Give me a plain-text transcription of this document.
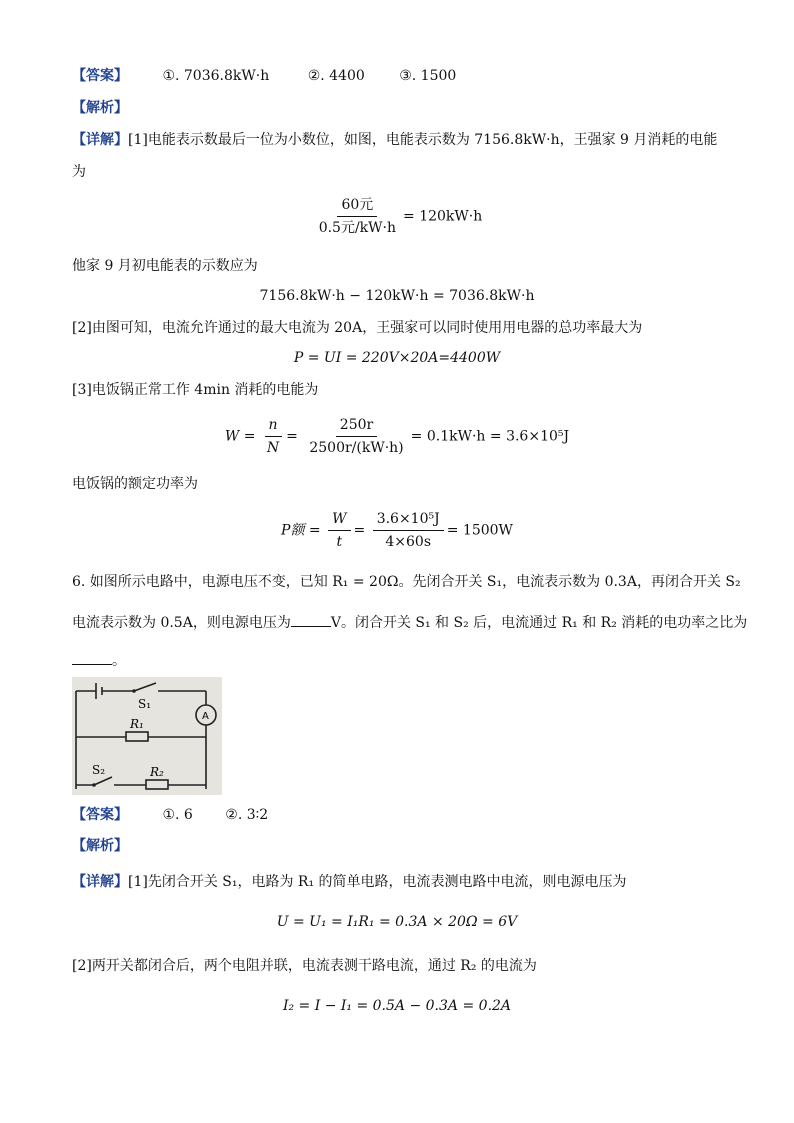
【答案】 ①. 7036.8kW·h	②. 4400 ③. 1500
【解析】
【详解】[1]电能表示数最后一位为小数位，如图，电能表示数为 7156.8kW·h，王强家 9 月消耗的电能
为
$\frac{\text{60元}}{\text{0.5元/kW·h}} = 120kW\cdot h$
他家 9 月初电能表的示数应为
7156.8kW·h − 120kW·h = 7036.8kW·h
[2]由图可知，电流允许通过的最大电流为 20A，王强家可以同时使用用电器的总功率最大为
P = UI = 220V×20A=4400W
[3]电饭锅正常工作 4min 消耗的电能为
$W = \frac{n}{N} = \frac{250r}{2500r/(kW\cdot h)} = 0.1kW\cdot h = 3.6\times 10^5J$
电饭锅的额定功率为
P额 = $\frac{W}{t} = \frac{\text{3.6×10⁵J}}{4\times 60s} = 1500W$
6. 如图所示电路中，电源电压不变，已知 R₁ = 20Ω。先闭合开关 S₁，电流表示数为 0.3A，再闭合开关 S₂
电流表示数为 0.5A，则电源电压为	V。闭合开关 S₁ 和 S₂ 后，电流通过 R₁ 和 R₂ 消耗的电功率之比为
。
S₁
A
R₁
S₂	R₂
【答案】 ①. 6 ②. 3∶2
【解析】
【详解】[1]先闭合开关 S₁，电路为 R₁ 的简单电路，电流表测电路中电流，则电源电压为
U = U₁ = I₁R₁ = 0.3A × 20Ω = 6V
[2]两开关都闭合后，两个电阻并联，电流表测干路电流，通过 R₂ 的电流为
I₂ = I − I₁ = 0.5A − 0.3A = 0.2A
